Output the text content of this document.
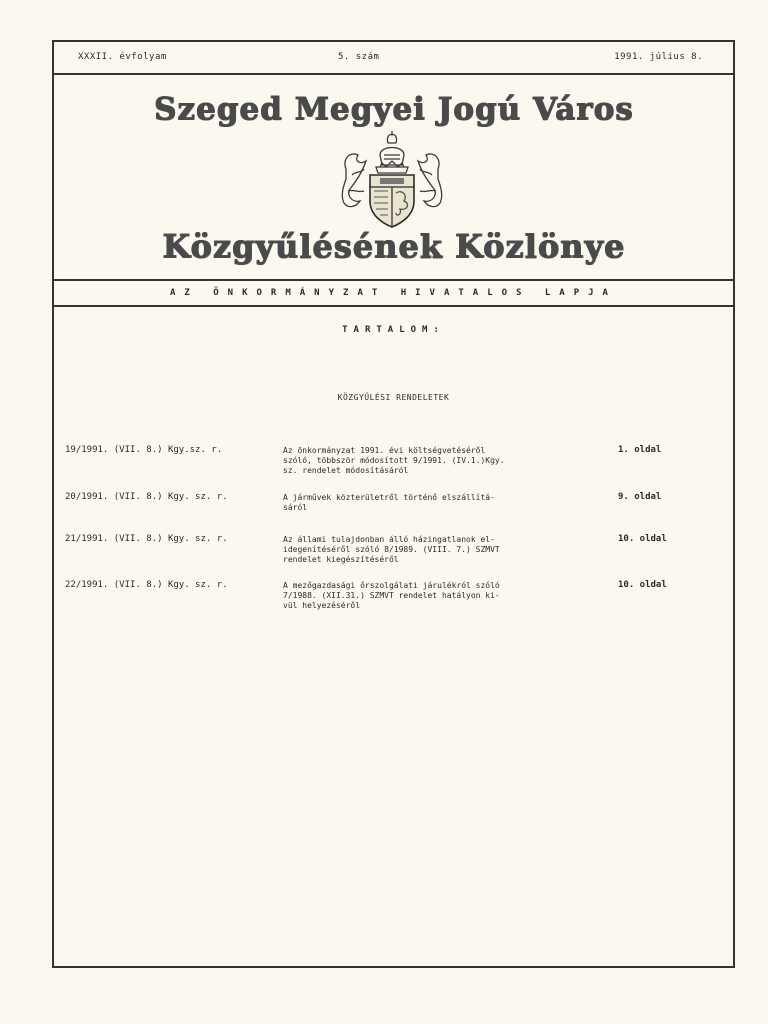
XXXII. évfolyam	5. szám	1991. július 8.
Szeged Megyei Jogú Város
Közgyűlésének Közlönye
AZ ÖNKORMÁNYZAT HIVATALOS LAPJA
TARTALOM:
KÖZGYŰLÉSI RENDELETEK
19/1991. (VII. 8.) Kgy.sz. r.	Az önkormányzat 1991. évi költségvetéséről
szóló, többször módosított 9/1991. (IV.1.)Kgy.
sz. rendelet módosításáról
1. oldal
20/1991. (VII. 8.) Kgy. sz. r.	A járművek közterületről történő elszállítá-
sáról
9. oldal
21/1991. (VII. 8.) Kgy. sz. r.	Az állami tulajdonban álló házingatlanok el-
idegenítéséről szóló 8/1989. (VIII. 7.) SZMVT
rendelet kiegészítéséről
10. oldal
22/1991. (VII. 8.) Kgy. sz. r.	A mezőgazdasági őrszolgálati járulékról szóló
7/1988. (XII.31.) SZMVT rendelet hatályon ki-
vül helyezéséről
10. oldal
